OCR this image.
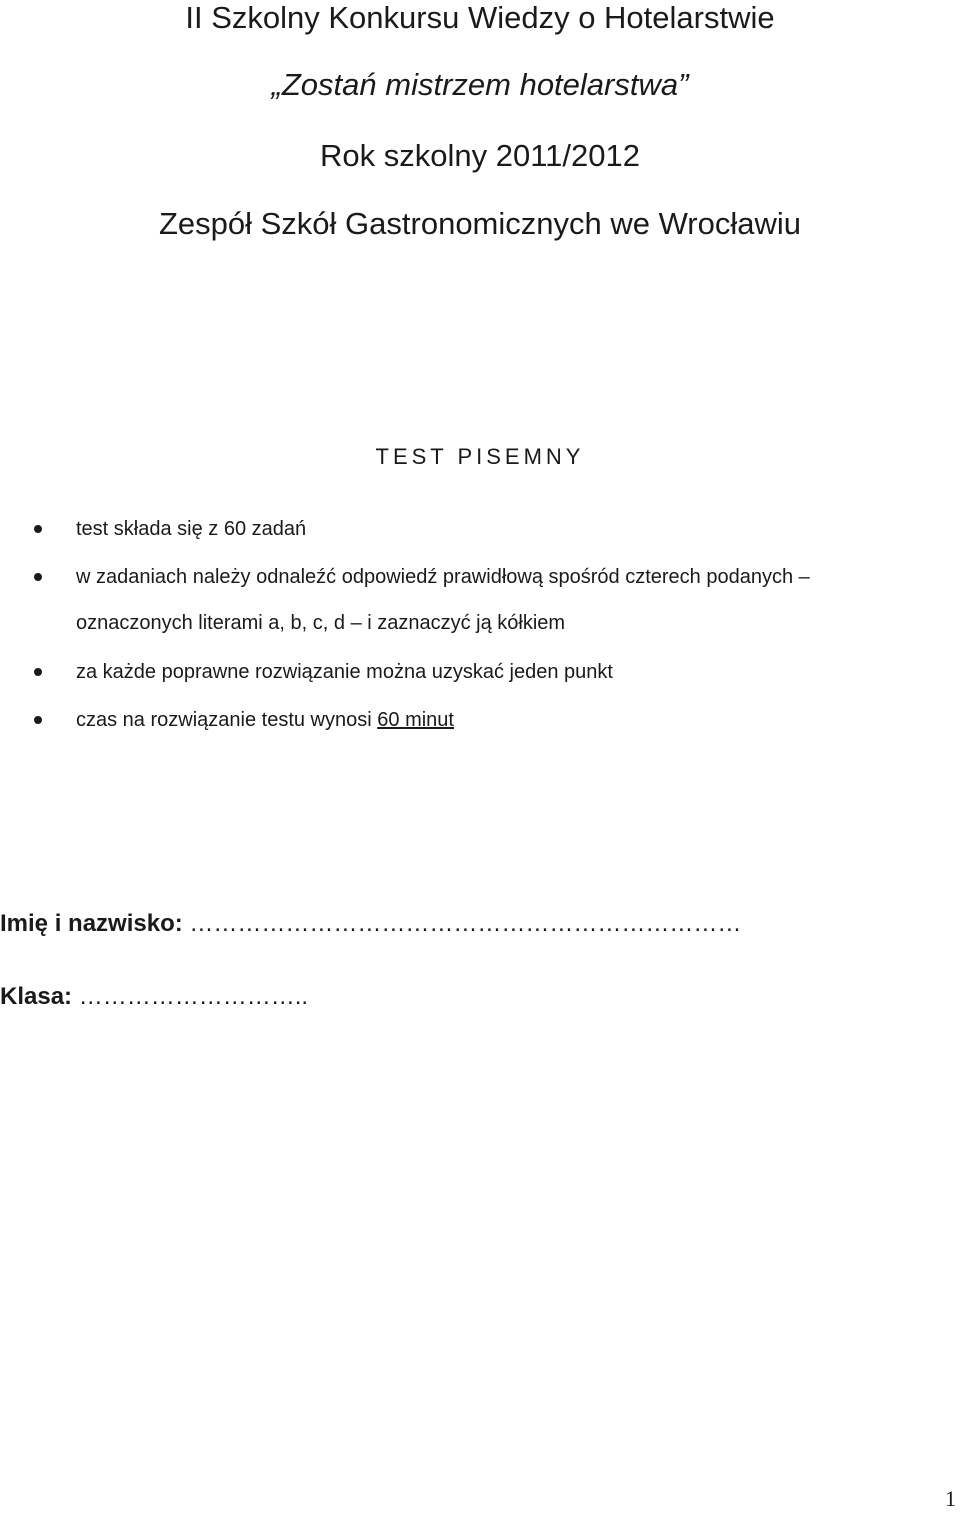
II Szkolny Konkursu Wiedzy o Hotelarstwie
„Zostań mistrzem hotelarstwa”
Rok szkolny 2011/2012
Zespół Szkół Gastronomicznych we Wrocławiu
TEST PISEMNY
test składa się z 60 zadań
w zadaniach należy odnaleźć odpowiedź prawidłową spośród czterech podanych –
oznaczonych literami a, b, c, d – i zaznaczyć ją kółkiem
za każde poprawne rozwiązanie można uzyskać jeden punkt
czas na rozwiązanie testu wynosi 60 minut
Imię i nazwisko: ……………………………………………………………
Klasa: ………………………..
1
